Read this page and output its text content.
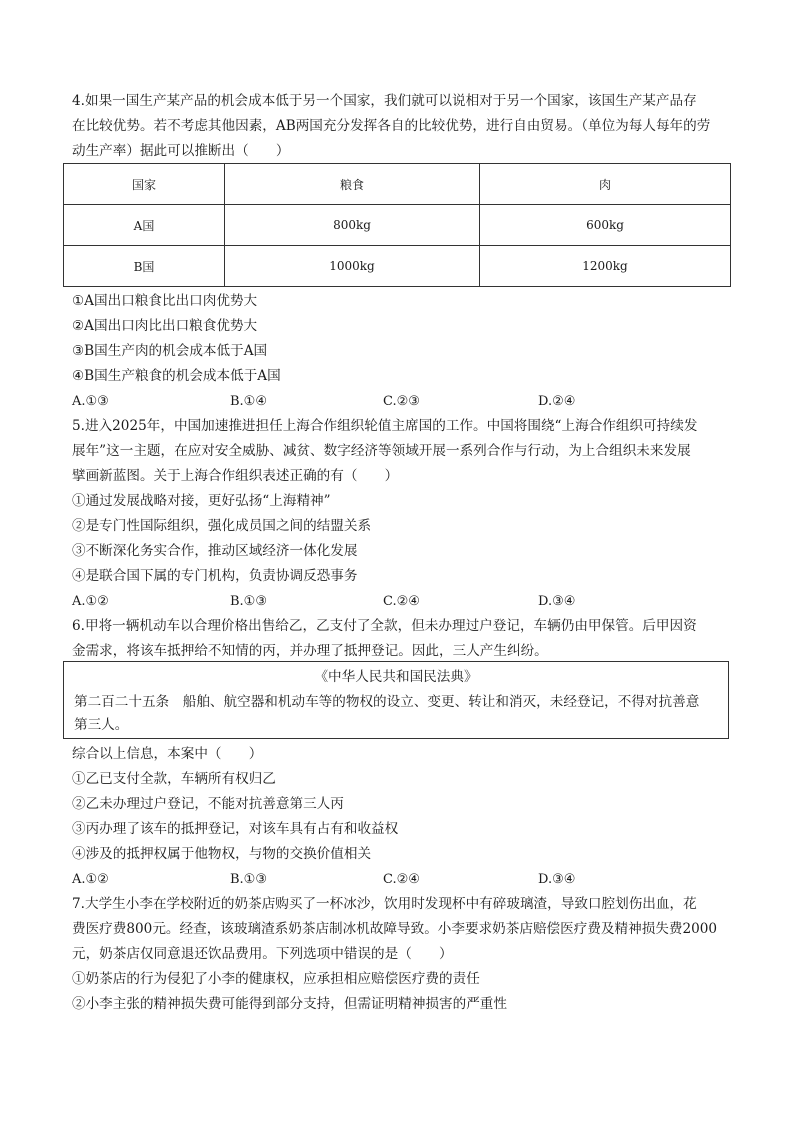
4.如果一国生产某产品的机会成本低于另一个国家，我们就可以说相对于另一个国家，该国生产某产品存
在比较优势。若不考虑其他因素，AB两国充分发挥各自的比较优势，进行自由贸易。（单位为每人每年的劳
动生产率）据此可以推断出（　　）
国家	粮食	肉
A国	800kg	600kg
B国	1000kg	1200kg
①A国出口粮食比出口肉优势大
②A国出口肉比出口粮食优势大
③B国生产肉的机会成本低于A国
④B国生产粮食的机会成本低于A国
A.①③	B.①④	C.②③	D.②④
5.进入2025年，中国加速推进担任上海合作组织轮值主席国的工作。中国将围绕“上海合作组织可持续发
展年”这一主题，在应对安全威胁、减贫、数字经济等领域开展一系列合作与行动，为上合组织未来发展
擘画新蓝图。关于上海合作组织表述正确的有（　　）
①通过发展战略对接，更好弘扬“上海精神”
②是专门性国际组织，强化成员国之间的结盟关系
③不断深化务实合作，推动区域经济一体化发展
④是联合国下属的专门机构，负责协调反恐事务
A.①②	B.①③	C.②④	D.③④
6.甲将一辆机动车以合理价格出售给乙，乙支付了全款，但未办理过户登记，车辆仍由甲保管。后甲因资
金需求，将该车抵押给不知情的丙，并办理了抵押登记。因此，三人产生纠纷。
《中华人民共和国民法典》
第二百二十五条　船舶、航空器和机动车等的物权的设立、变更、转让和消灭，未经登记，不得对抗善意
第三人。
综合以上信息，本案中（　　）
①乙已支付全款，车辆所有权归乙
②乙未办理过户登记，不能对抗善意第三人丙
③丙办理了该车的抵押登记，对该车具有占有和收益权
④涉及的抵押权属于他物权，与物的交换价值相关
A.①②	B.①③	C.②④	D.③④
7.大学生小李在学校附近的奶茶店购买了一杯冰沙，饮用时发现杯中有碎玻璃渣，导致口腔划伤出血，花
费医疗费800元。经查，该玻璃渣系奶茶店制冰机故障导致。小李要求奶茶店赔偿医疗费及精神损失费2000
元，奶茶店仅同意退还饮品费用。下列选项中错误的是（　　）
①奶茶店的行为侵犯了小李的健康权，应承担相应赔偿医疗费的责任
②小李主张的精神损失费可能得到部分支持，但需证明精神损害的严重性
